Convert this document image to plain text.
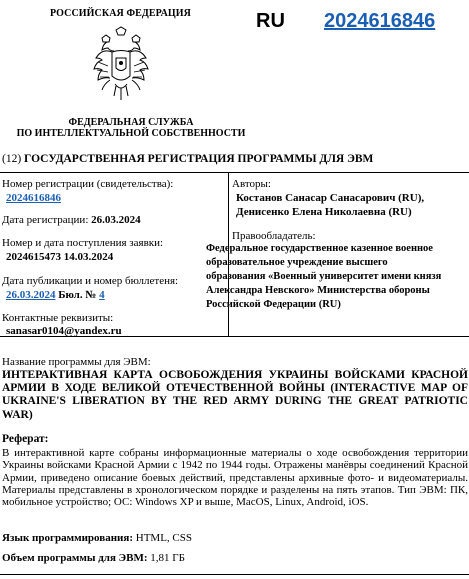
РОССИЙСКАЯ ФЕДЕРАЦИЯ
ФЕДЕРАЛЬНАЯ СЛУЖБА
ПО ИНТЕЛЛЕКТУАЛЬНОЙ СОБСТВЕННОСТИ
RU 2024616846
(12) ГОСУДАРСТВЕННАЯ РЕГИСТРАЦИЯ ПРОГРАММЫ ДЛЯ ЭВМ
Номер регистрации (свидетельства):
2024616846
Дата регистрации: 26.03.2024
Номер и дата поступления заявки:
2024615473 14.03.2024
Дата публикации и номер бюллетеня:
26.03.2024 Бюл. № 4
Контактные реквизиты:
sanasar0104@yandex.ru
Авторы:
Костанов Санасар Санасарович (RU),
Денисенко Елена Николаевна (RU)
Правообладатель:
Федеральное государственное казенное военное
образовательное учреждение высшего
образования «Военный университет имени князя
Александра Невского» Министерства обороны
Российской Федерации (RU)
Название программы для ЭВМ:
ИНТЕРАКТИВНАЯ КАРТА ОСВОБОЖДЕНИЯ УКРАИНЫ ВОЙСКАМИ КРАСНОЙ АРМИИ В ХОДЕ ВЕЛИКОЙ ОТЕЧЕСТВЕННОЙ ВОЙНЫ (INTERACTIVE MAP OF UKRAINE'S LIBERATION BY THE RED ARMY DURING THE GREAT PATRIOTIC WAR)
Реферат:
В интерактивной карте собраны информационные материалы о ходе освобождения территории Украины войсками Красной Армии с 1942 по 1944 годы. Отражены манёвры соединений Красной Армии, приведено описание боевых действий, представлены архивные фото- и видеоматериалы. Материалы представлены в хронологическом порядке и разделены на пять этапов. Тип ЭВМ: ПК, мобильное устройство; ОС: Windows XP и выше, MacOS, Linux, Android, iOS.
Язык программирования: HTML, CSS
Объем программы для ЭВМ: 1,81 ГБ
